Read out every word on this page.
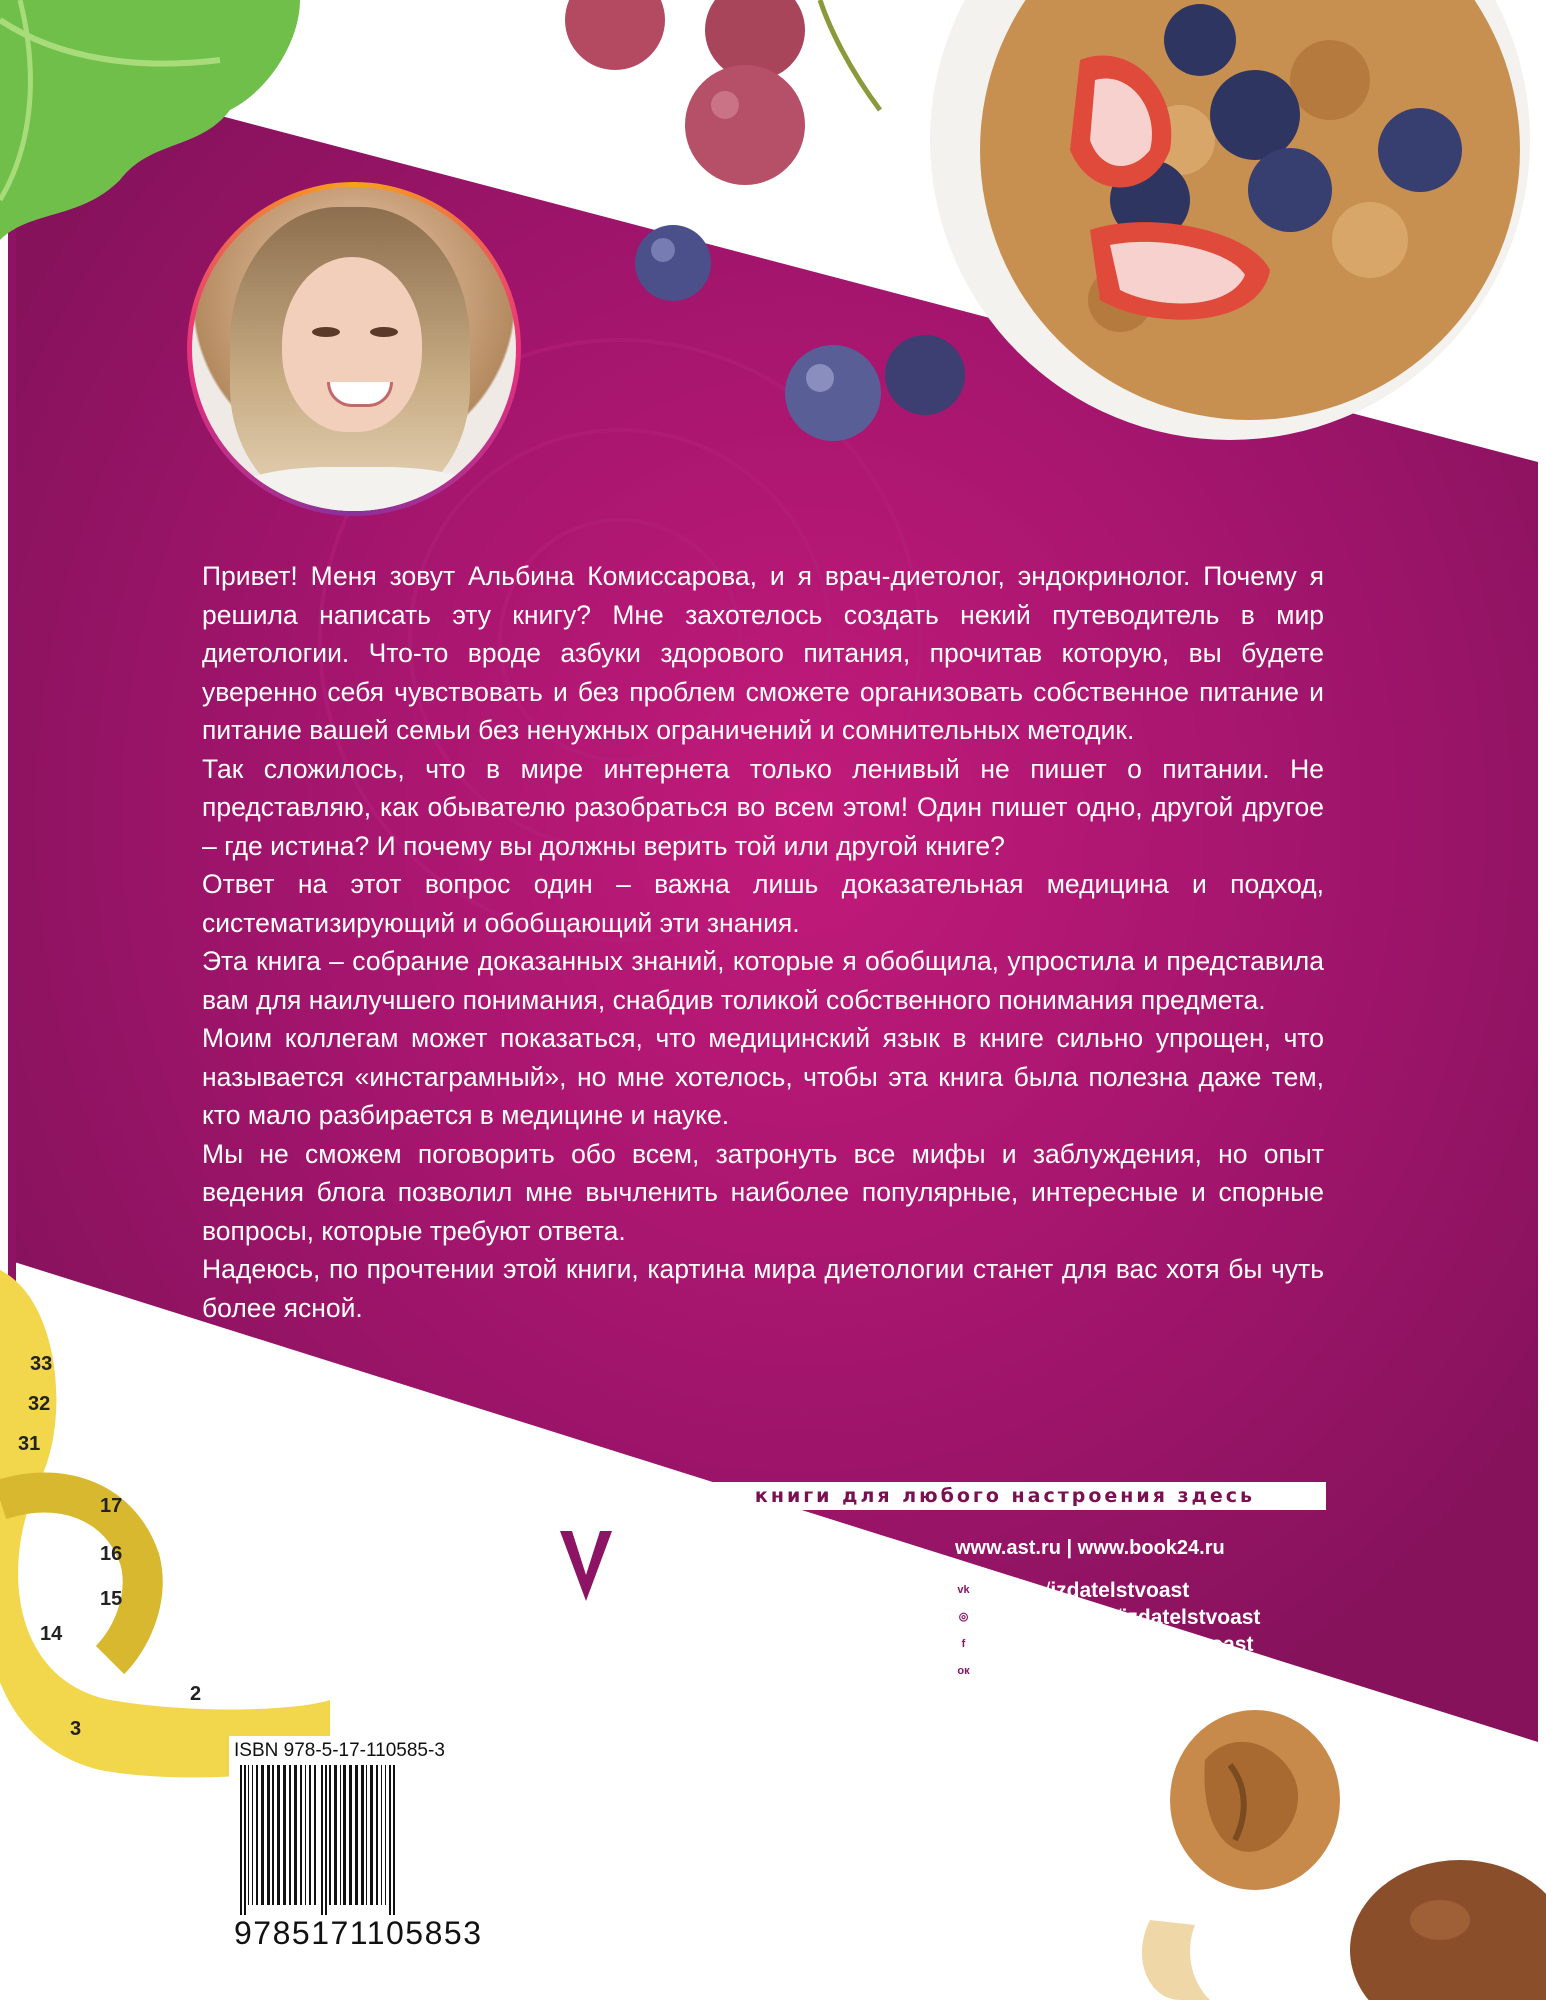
33
32
31
17
16
15
14
3
2

Привет! Меня зовут Альбина Комиссарова, и я врач-диетолог, эндокринолог. Почему я решила написать эту книгу? Мне захотелось создать некий путеводитель в мир диетологии. Что-то вроде азбуки здорового питания, прочитав которую, вы будете уверенно себя чувствовать и без проблем сможете организовать собственное питание и питание вашей семьи без ненужных ограничений и сомнительных методик.

Так сложилось, что в мире интернета только ленивый не пишет о питании. Не представляю, как обывателю разобраться во всем этом! Один пишет одно, другой другое – где истина? И почему вы должны верить той или другой книге?

Ответ на этот вопрос один – важна лишь доказательная медицина и подход, систематизирующий и обобщающий эти знания.

Эта книга – собрание доказанных знаний, которые я обобщила, упростила и представила вам для наилучшего понимания, снабдив толикой собственного понимания предмета.

Моим коллегам может показаться, что медицинский язык в книге сильно упрощен, что называется «инстаграмный», но мне хотелось, чтобы эта книга была полезна даже тем, кто мало разбирается в медицине и науке.

Мы не сможем поговорить обо всем, затронуть все мифы и заблуждения, но опыт ведения блога позволил мне вычленить наиболее популярные, интересные и спорные вопросы, которые требуют ответа.

Надеюсь, по прочтении этой книги, картина мира диетологии станет для вас хотя бы чуть более ясной.

книги для любого настроения здесь
act
ИЗДАТЕЛЬСКАЯ ГРУППА АСТ
www.ast.ru | www.book24.ru
vk vk.com/izdatelstvoast
◎ instagram.com/izdatelstvoast
f facebook.com/izdatelstvoast
ок ok.ru/izdatelstvoast
ISBN 978-5-17-110585-3
9785171105853
